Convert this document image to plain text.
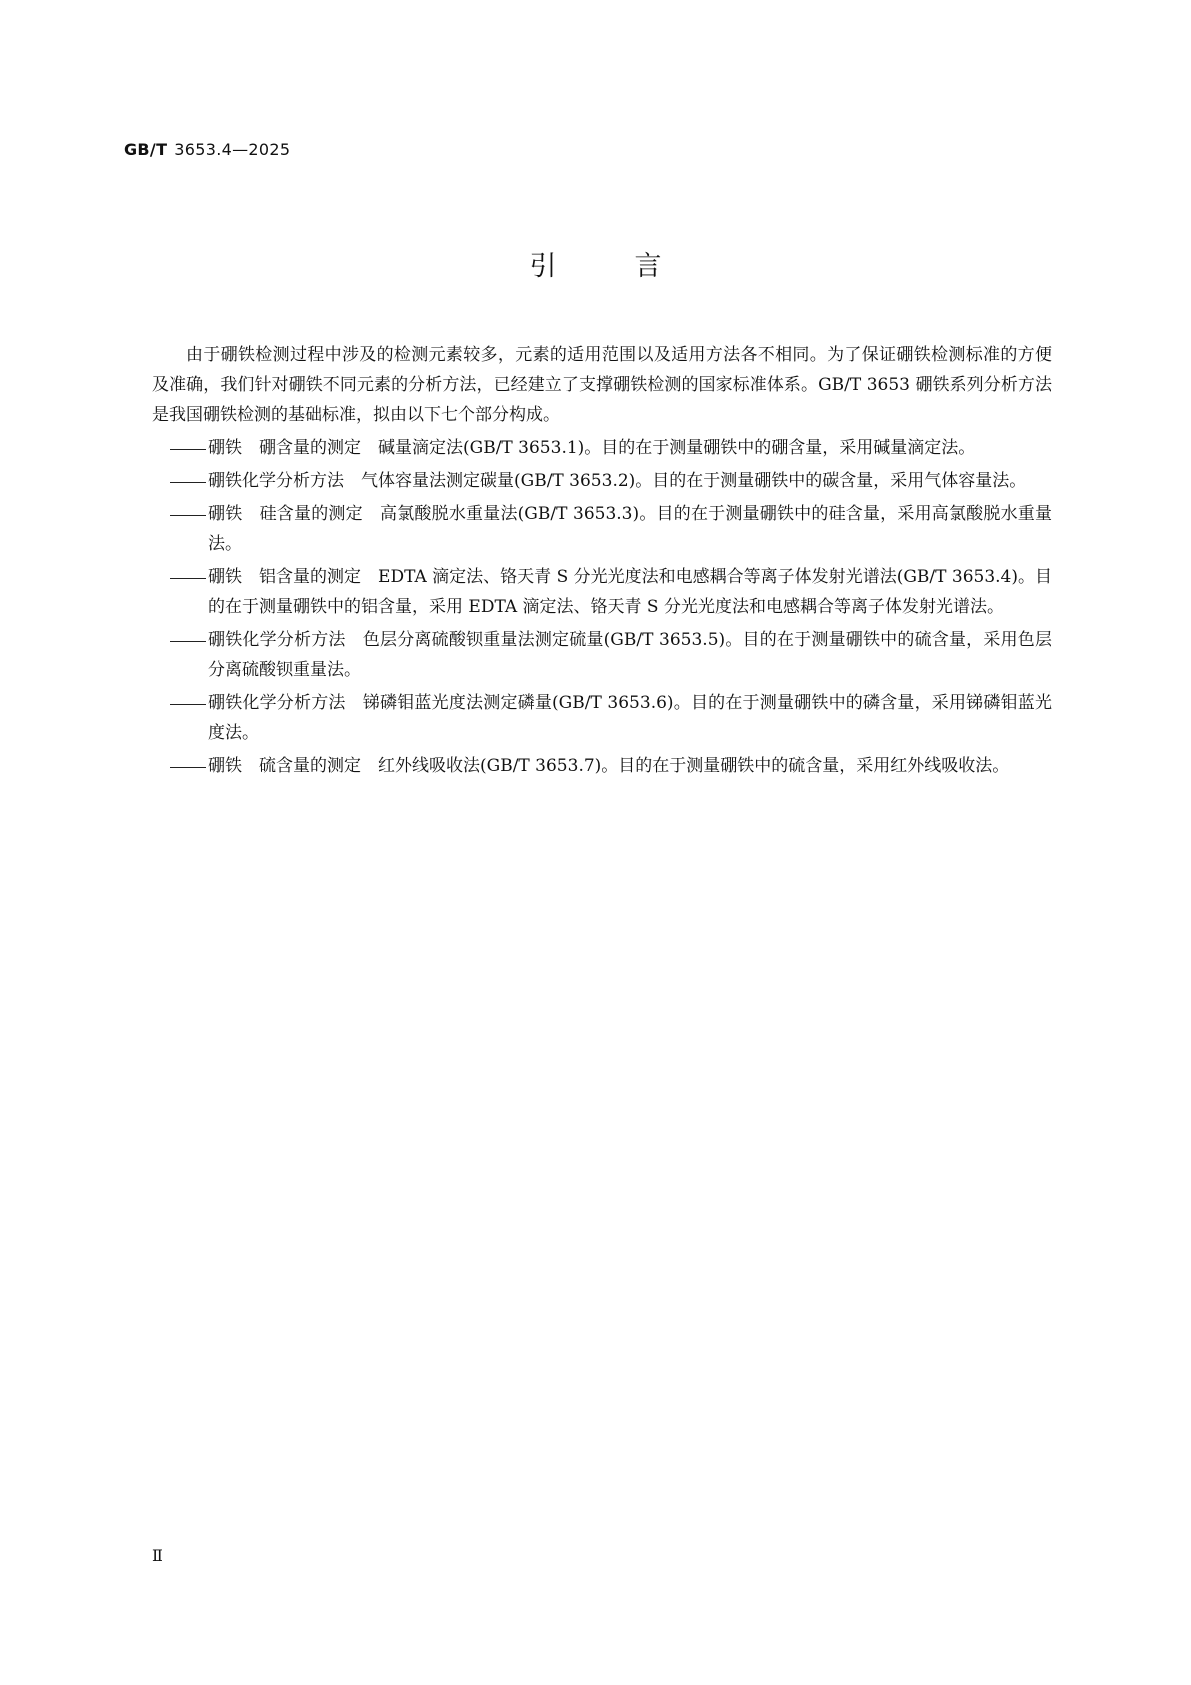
GB/T 3653.4—2025
引言

由于硼铁检测过程中涉及的检测元素较多，元素的适用范围以及适用方法各不相同。为了保证硼铁检测标准的方便及准确，我们针对硼铁不同元素的分析方法，已经建立了支撑硼铁检测的国家标准体系。GB/T 3653 硼铁系列分析方法是我国硼铁检测的基础标准，拟由以下七个部分构成。

硼铁　硼含量的测定　碱量滴定法(GB/T 3653.1)。目的在于测量硼铁中的硼含量，采用碱量滴定法。
硼铁化学分析方法　气体容量法测定碳量(GB/T 3653.2)。目的在于测量硼铁中的碳含量，采用气体容量法。
硼铁　硅含量的测定　高氯酸脱水重量法(GB/T 3653.3)。目的在于测量硼铁中的硅含量，采用高氯酸脱水重量法。
硼铁　铝含量的测定　EDTA 滴定法、铬天青 S 分光光度法和电感耦合等离子体发射光谱法(GB/T 3653.4)。目的在于测量硼铁中的铝含量，采用 EDTA 滴定法、铬天青 S 分光光度法和电感耦合等离子体发射光谱法。
硼铁化学分析方法　色层分离硫酸钡重量法测定硫量(GB/T 3653.5)。目的在于测量硼铁中的硫含量，采用色层分离硫酸钡重量法。
硼铁化学分析方法　锑磷钼蓝光度法测定磷量(GB/T 3653.6)。目的在于测量硼铁中的磷含量，采用锑磷钼蓝光度法。
硼铁　硫含量的测定　红外线吸收法(GB/T 3653.7)。目的在于测量硼铁中的硫含量，采用红外线吸收法。
Ⅱ
